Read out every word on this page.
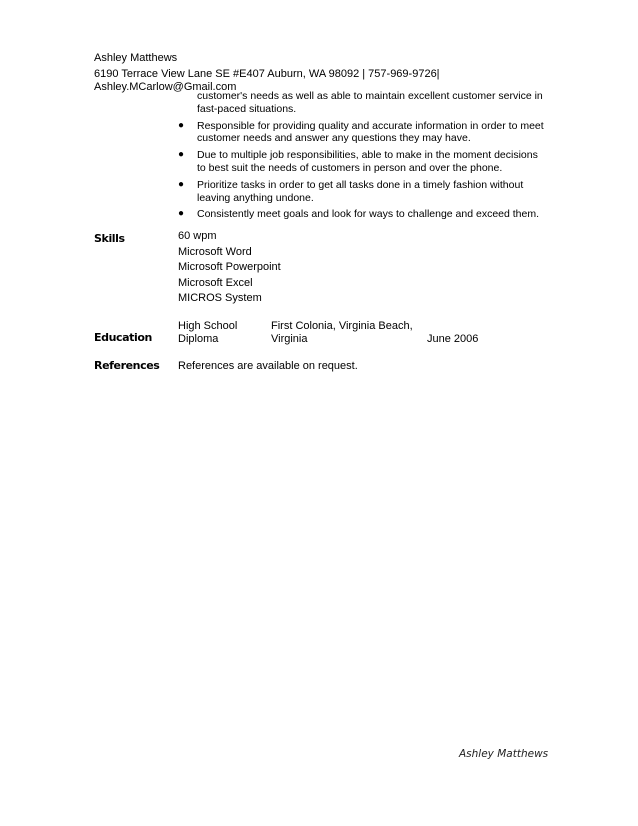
Ashley Matthews
6190 Terrace View Lane SE #E407 Auburn, WA 98092 | 757-969-9726|
Ashley.MCarlow@Gmail.com
customer's needs as well as able to maintain excellent customer service in fast-paced situations.
● Responsible for providing quality and accurate information in order to meet customer needs and answer any questions they may have.
● Due to multiple job responsibilities, able to make in the moment decisions to best suit the needs of customers in person and over the phone.
● Prioritize tasks in order to get all tasks done in a timely fashion without leaving anything undone.
● Consistently meet goals and look for ways to challenge and exceed them.
Skills	60 wpm
Microsoft Word
Microsoft Powerpoint
Microsoft Excel
MICROS System
Education
High School
Diploma
First Colonia, Virginia Beach,
Virginia	June 2006
References References are available on request.
Ashley Matthews
